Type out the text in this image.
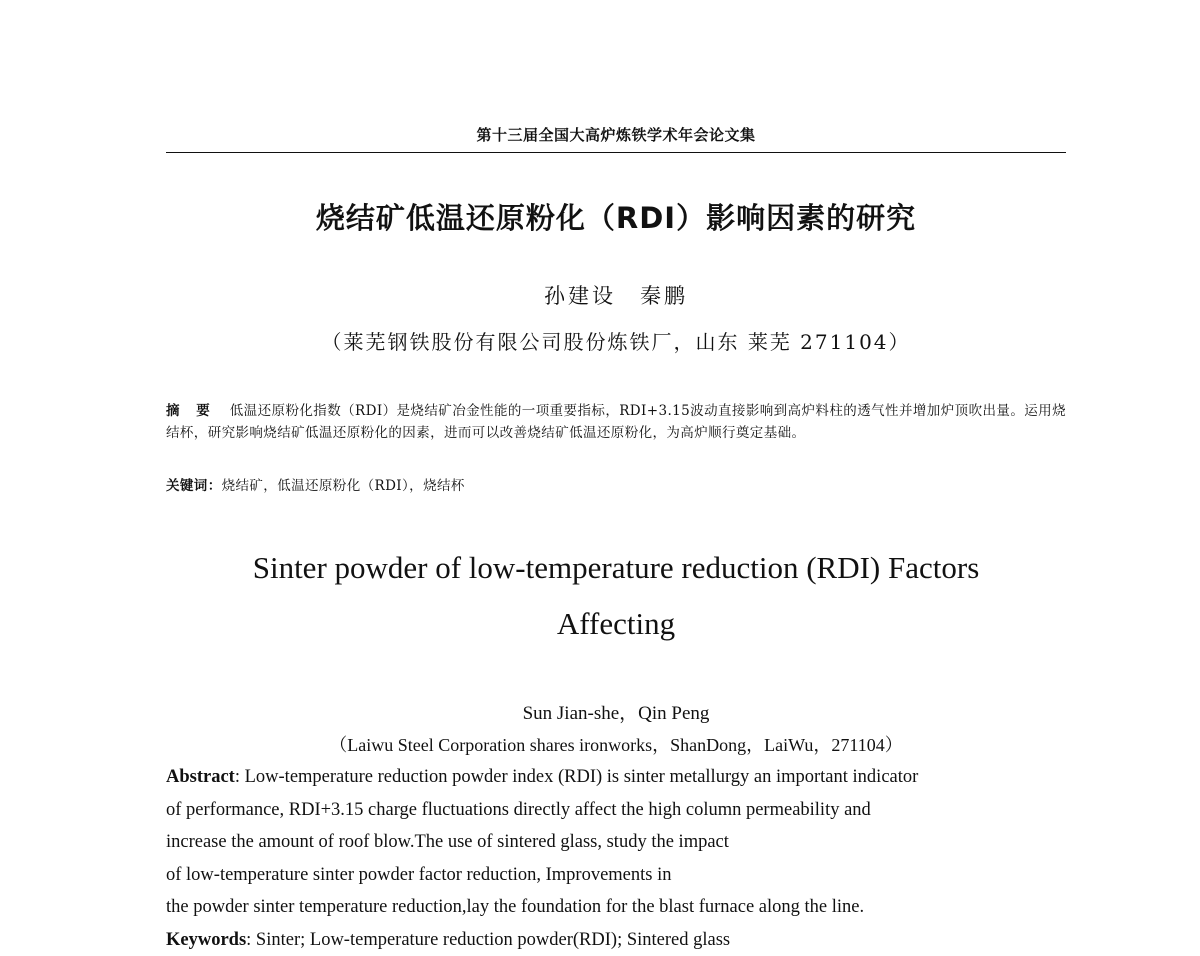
第十三届全国大高炉炼铁学术年会论文集
烧结矿低温还原粉化（RDI）影响因素的研究
孙建设　秦鹏
（莱芜钢铁股份有限公司股份炼铁厂，山东 莱芜 271104）
摘 要 低温还原粉化指数（RDI）是烧结矿冶金性能的一项重要指标，RDI+3.15波动直接影响到高炉料柱的透气性并增加炉顶吹出量。运用烧结杯，研究影响烧结矿低温还原粉化的因素，进而可以改善烧结矿低温还原粉化，为高炉顺行奠定基础。
关键词：烧结矿，低温还原粉化（RDI），烧结杯
Sinter powder of low-temperature reduction (RDI) Factors
Affecting
Sun Jian-she，Qin Peng
（Laiwu Steel Corporation shares ironworks，ShanDong，LaiWu，271104）
Abstract: Low-temperature reduction powder index (RDI) is sinter metallurgy an important indicator
of performance, RDI+3.15 charge fluctuations directly affect the high column permeability and
increase the amount of roof blow.The use of sintered glass, study the impact
of low-temperature sinter powder factor reduction, Improvements in
the powder sinter temperature reduction,lay the foundation for the blast furnace along the line.
Keywords: Sinter; Low-temperature reduction powder(RDI); Sintered glass
